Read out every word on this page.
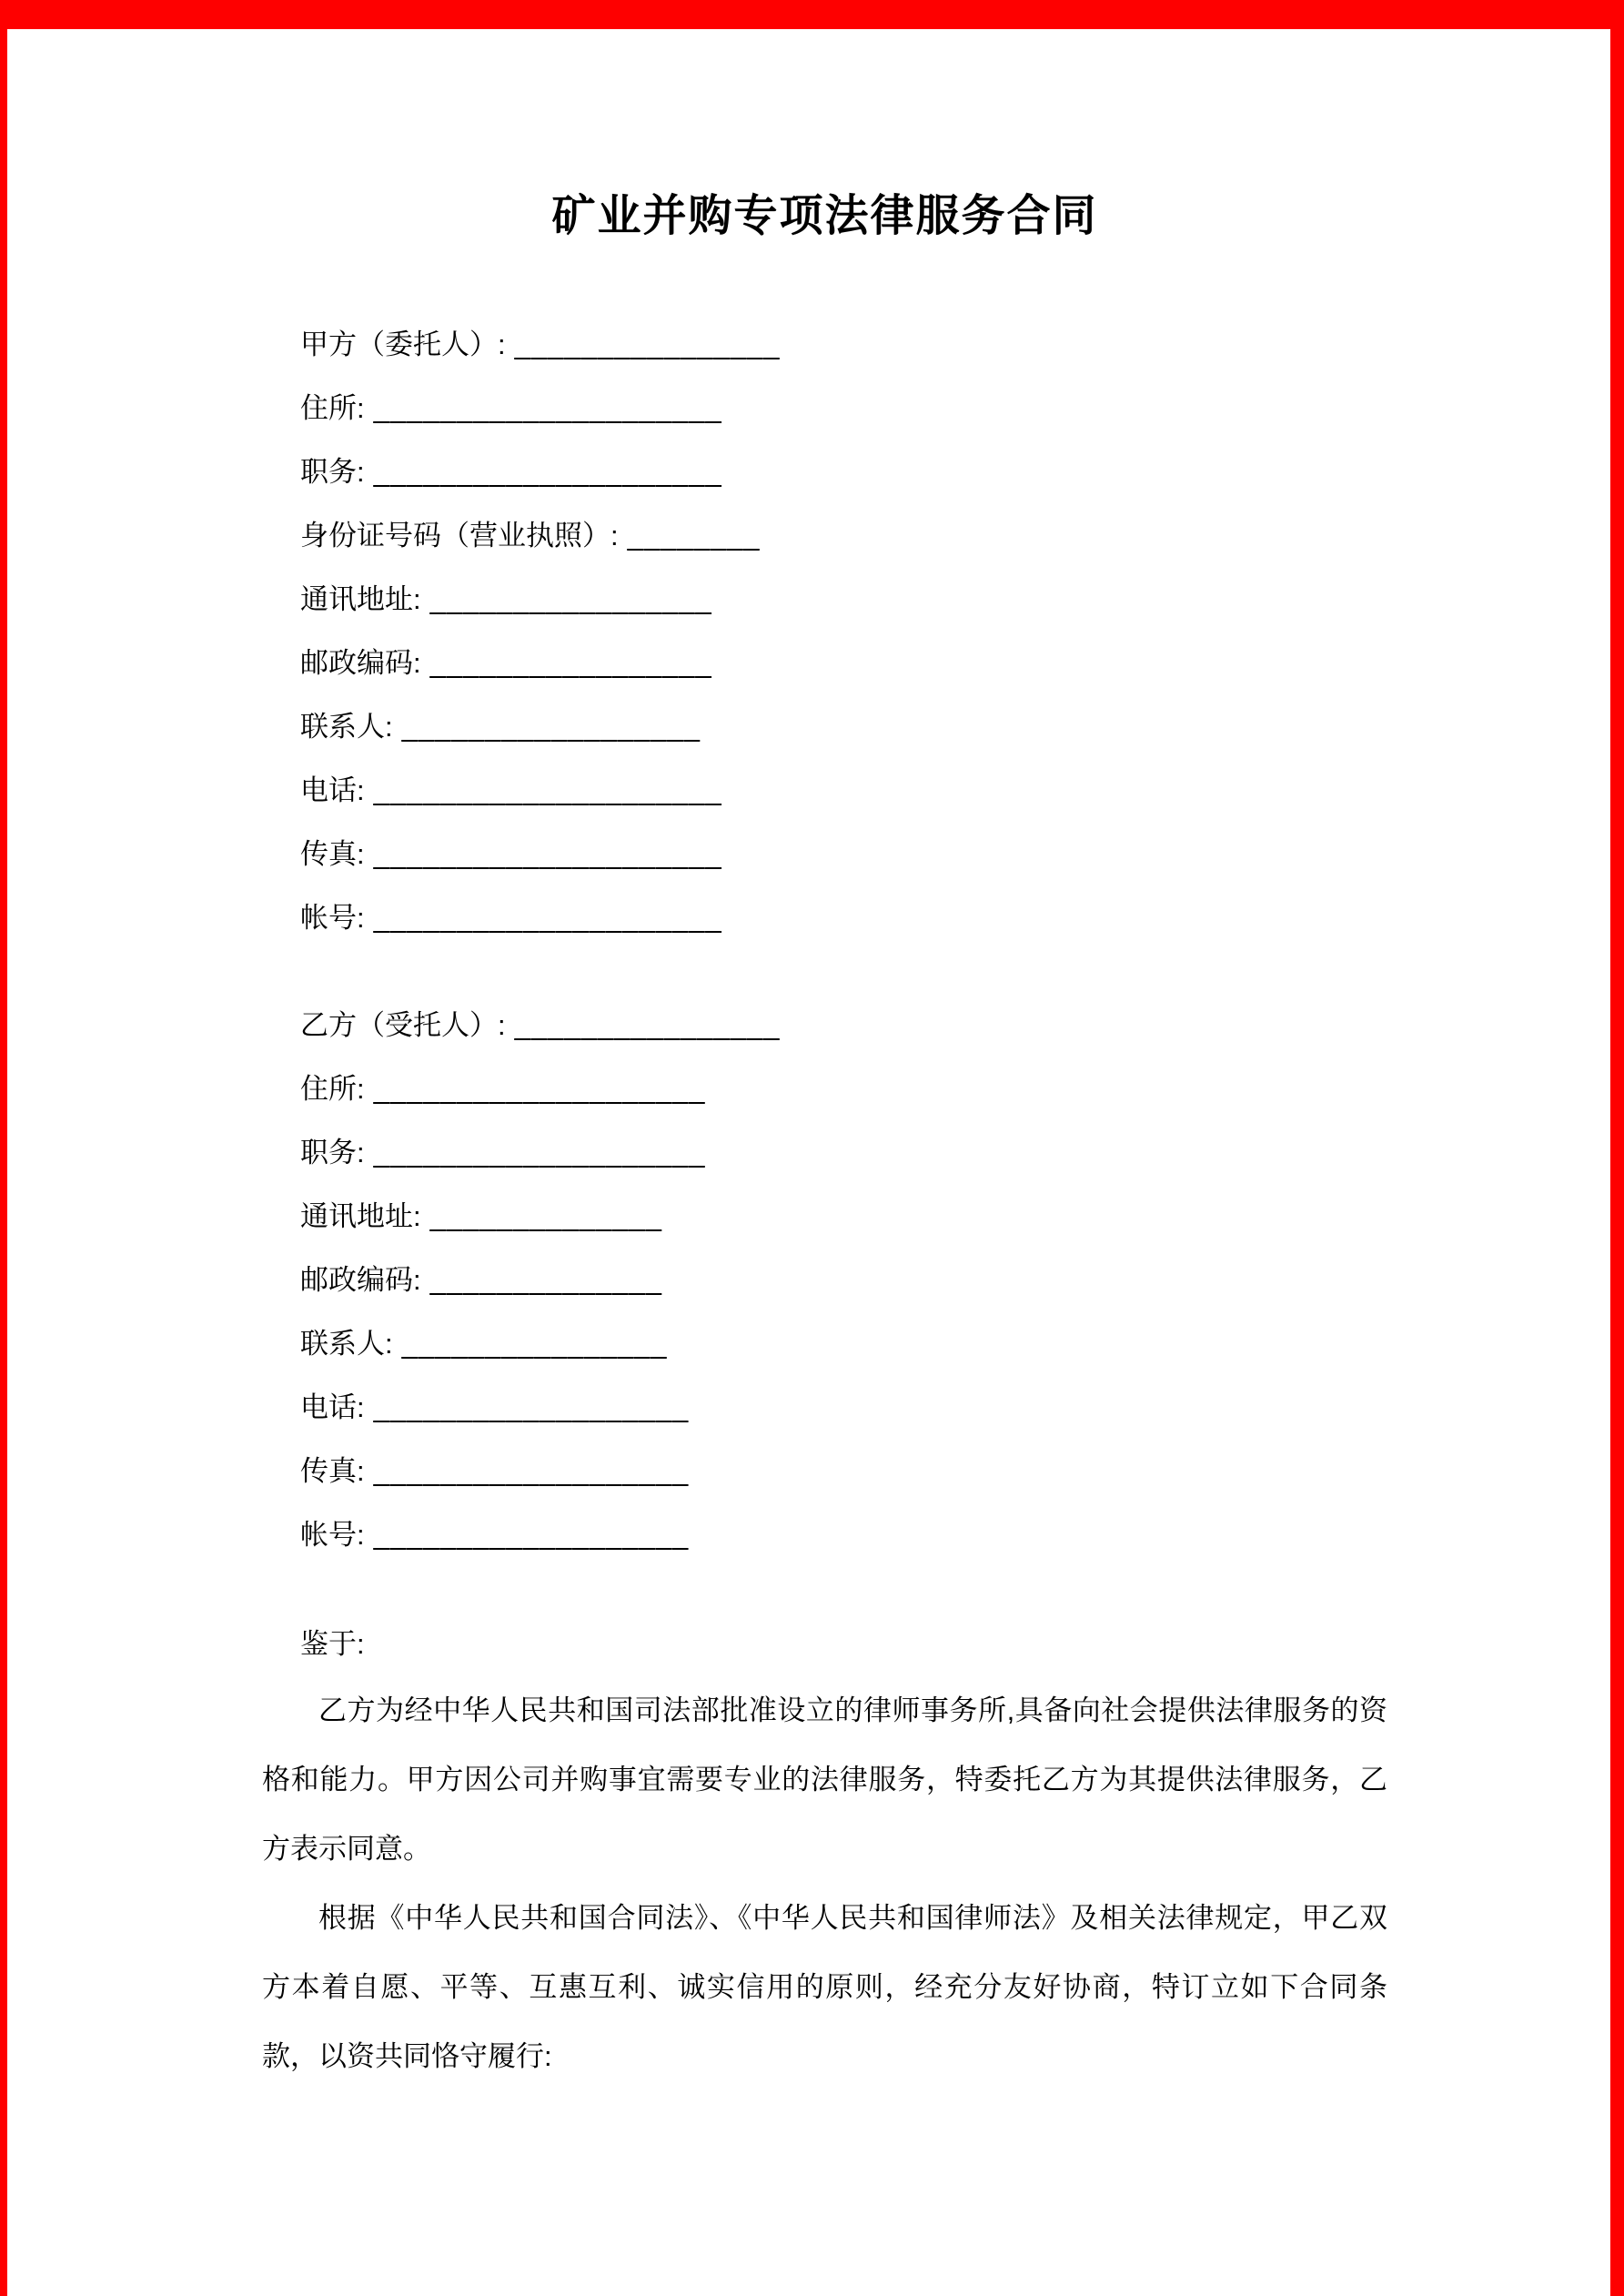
矿业并购专项法律服务合同
甲方（委托人）: ________________
住所: _____________________
职务: _____________________
身份证号码（营业执照）: ________
通讯地址: _________________
邮政编码: _________________
联系人: __________________
电话: _____________________
传真: _____________________
帐号: _____________________
乙方（受托人）: ________________
住所: ____________________
职务: ____________________
通讯地址: ______________
邮政编码: ______________
联系人: ________________
电话: ___________________
传真: ___________________
帐号: ___________________
鉴于:

乙方为经中华人民共和国司法部批准设立的律师事务所,具备向社会提供法律服务的资格和能力。甲方因公司并购事宜需要专业的法律服务，特委托乙方为其提供法律服务，乙方表示同意。

根据《中华人民共和国合同法》、《中华人民共和国律师法》及相关法律规定，甲乙双方本着自愿、平等、互惠互利、诚实信用的原则，经充分友好协商，特订立如下合同条款，以资共同恪守履行:
